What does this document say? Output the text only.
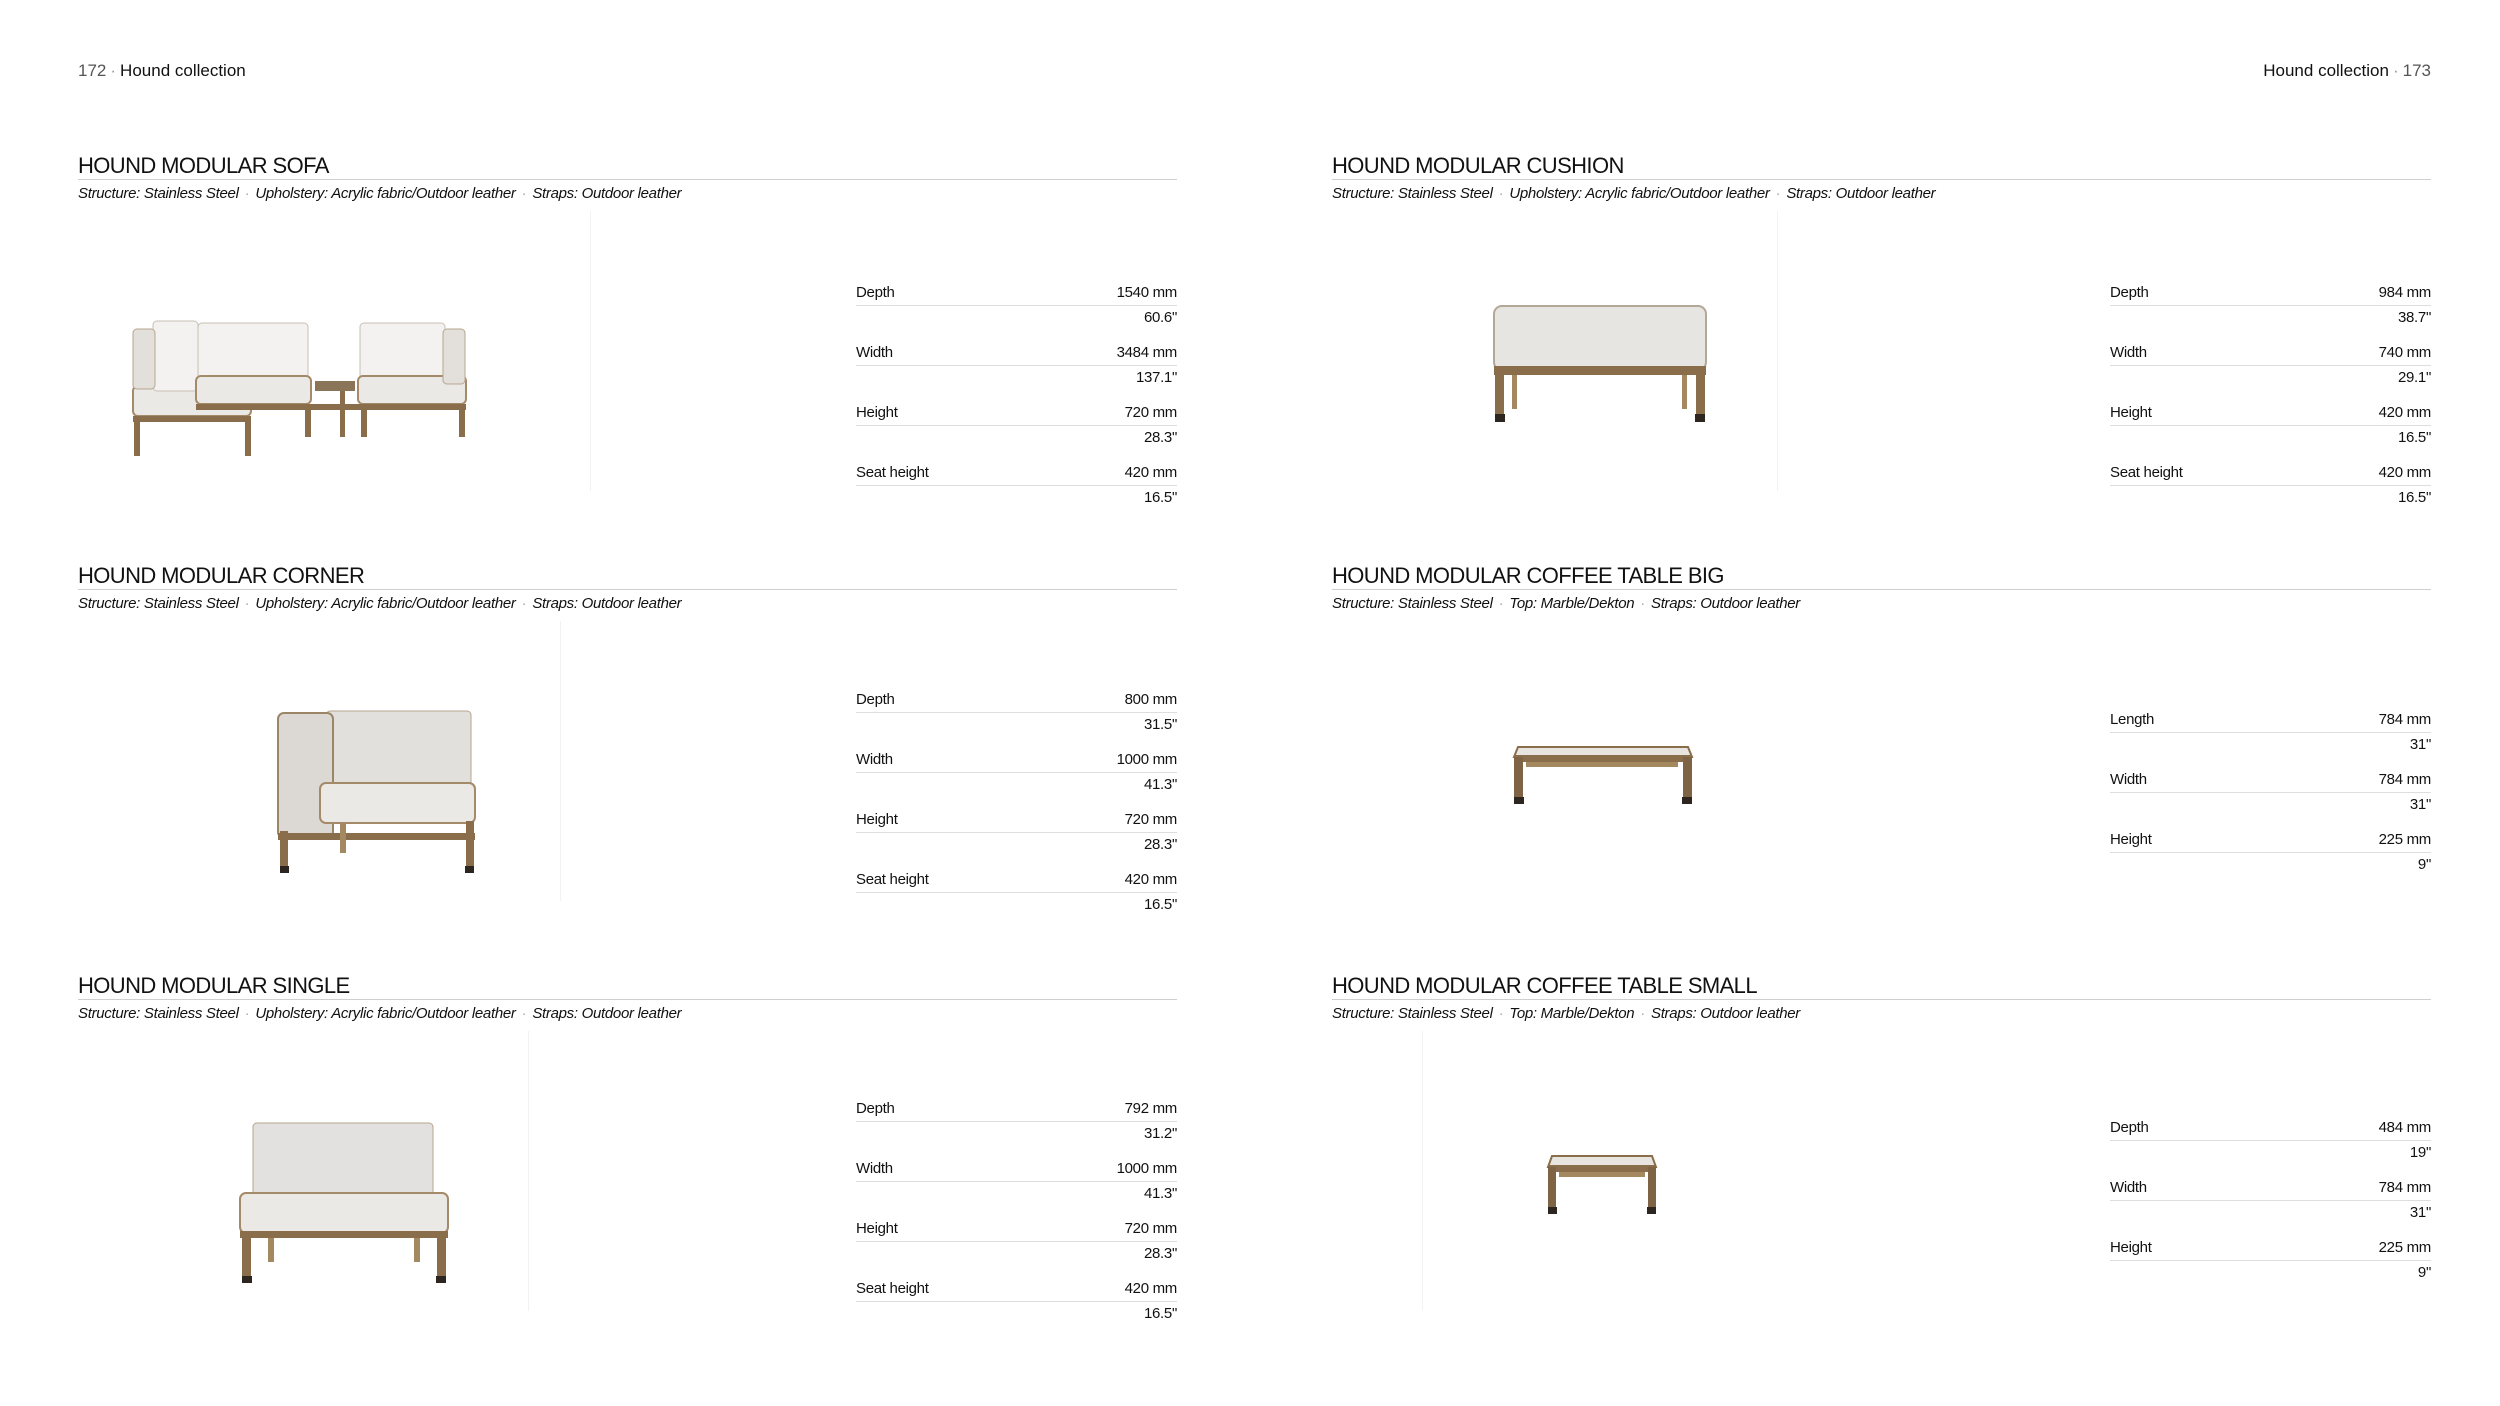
172 · Hound collection	Hound collection · 173
HOUND MODULAR SOFA
Structure: Stainless Steel · Upholstery: Acrylic fabric/Outdoor leather · Straps: Outdoor leather
Depth	1540 mm
60.6"
Width	3484 mm
137.1"
Height	720 mm
28.3"
Seat height	420 mm
16.5"
HOUND MODULAR CUSHION
Structure: Stainless Steel · Upholstery: Acrylic fabric/Outdoor leather · Straps: Outdoor leather
Depth	984 mm
38.7"
Width	740 mm
29.1"
Height	420 mm
16.5"
Seat height	420 mm
16.5"
HOUND MODULAR CORNER
Structure: Stainless Steel · Upholstery: Acrylic fabric/Outdoor leather · Straps: Outdoor leather
Depth	800 mm
31.5"
Width	1000 mm
41.3"
Height	720 mm
28.3"
Seat height	420 mm
16.5"
HOUND MODULAR COFFEE TABLE BIG
Structure: Stainless Steel · Top: Marble/Dekton · Straps: Outdoor leather
Length	784 mm
31"
Width	784 mm
31"
Height	225 mm
9"
HOUND MODULAR SINGLE
Structure: Stainless Steel · Upholstery: Acrylic fabric/Outdoor leather · Straps: Outdoor leather
Depth	792 mm
31.2"
Width	1000 mm
41.3"
Height	720 mm
28.3"
Seat height	420 mm
16.5"
HOUND MODULAR COFFEE TABLE SMALL
Structure: Stainless Steel · Top: Marble/Dekton · Straps: Outdoor leather
Depth	484 mm
19"
Width	784 mm
31"
Height	225 mm
9"
